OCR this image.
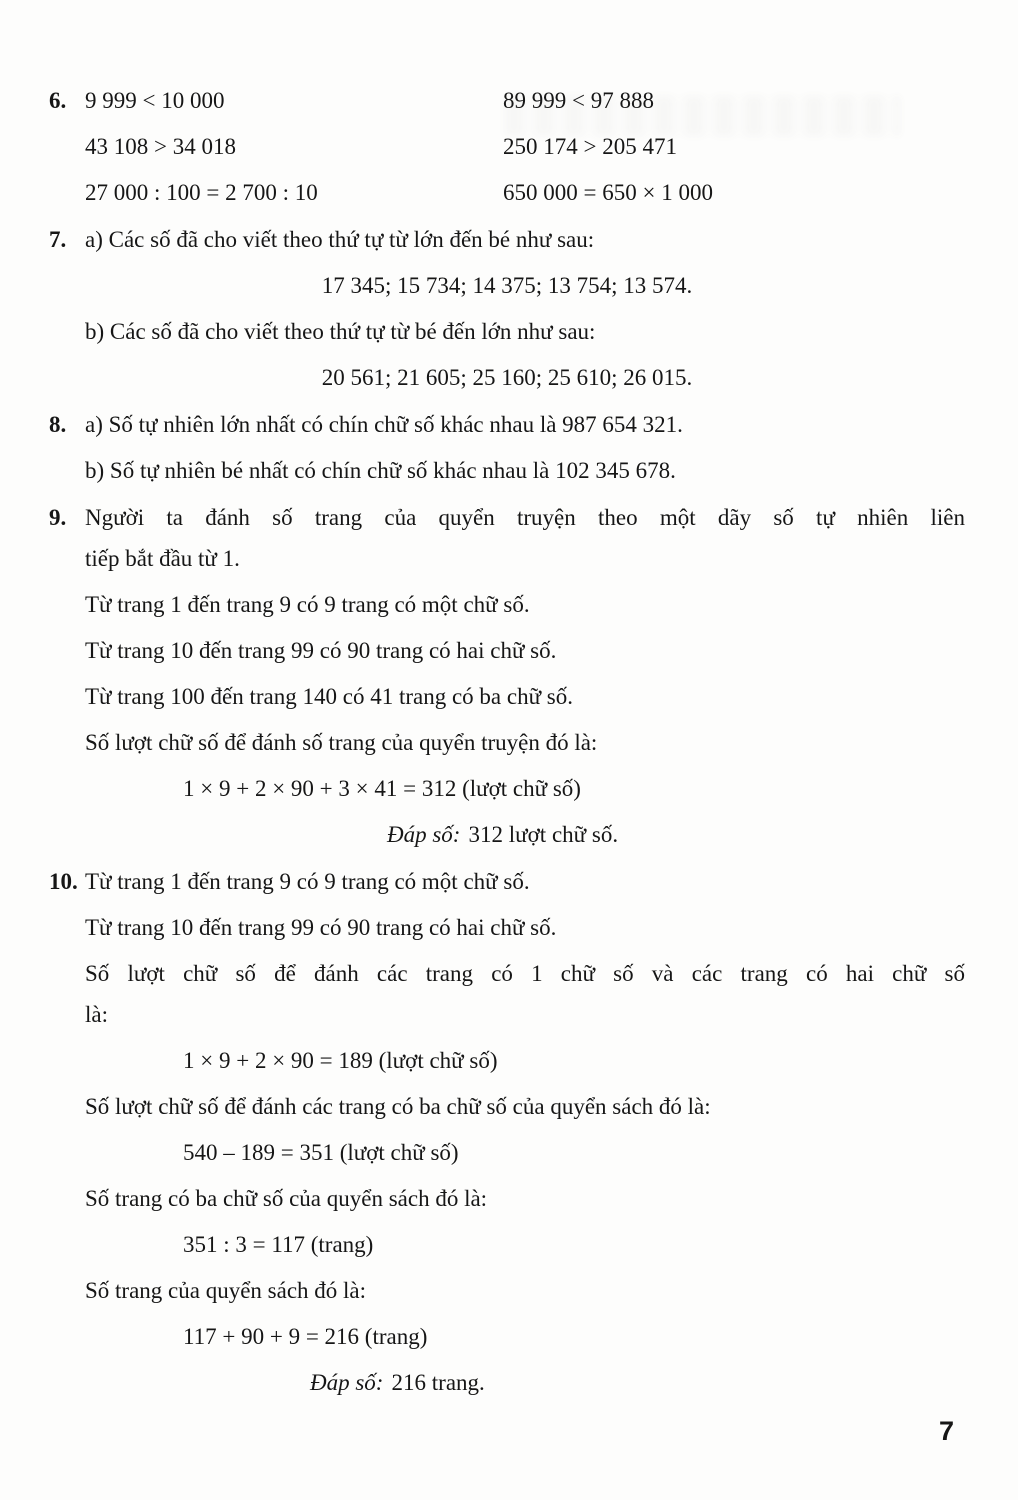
6. 9 999 < 10 000	89 999 < 97 888
43 108 > 34 018	250 174 > 205 471
27 000 : 100 = 2 700 : 10	650 000 = 650 × 1 000
7. a) Các số đã cho viết theo thứ tự từ lớn đến bé như sau:
17 345; 15 734; 14 375; 13 754; 13 574.
b) Các số đã cho viết theo thứ tự từ bé đến lớn như sau:
20 561; 21 605; 25 160; 25 610; 26 015.
8. a) Số tự nhiên lớn nhất có chín chữ số khác nhau là 987 654 321.
b) Số tự nhiên bé nhất có chín chữ số khác nhau là 102 345 678.
9. Người ta đánh số trang của quyển truyện theo một dãy số tự nhiên liên
tiếp bắt đầu từ 1.
Từ trang 1 đến trang 9 có 9 trang có một chữ số.
Từ trang 10 đến trang 99 có 90 trang có hai chữ số.
Từ trang 100 đến trang 140 có 41 trang có ba chữ số.
Số lượt chữ số để đánh số trang của quyển truyện đó là:
1 × 9 + 2 × 90 + 3 × 41 = 312 (lượt chữ số)
Đáp số: 312 lượt chữ số.
10. Từ trang 1 đến trang 9 có 9 trang có một chữ số.
Từ trang 10 đến trang 99 có 90 trang có hai chữ số.
Số lượt chữ số để đánh các trang có 1 chữ số và các trang có hai chữ số
là:
1 × 9 + 2 × 90 = 189 (lượt chữ số)
Số lượt chữ số để đánh các trang có ba chữ số của quyển sách đó là:
540 – 189 = 351 (lượt chữ số)
Số trang có ba chữ số của quyển sách đó là:
351 : 3 = 117 (trang)
Số trang của quyển sách đó là:
117 + 90 + 9 = 216 (trang)
Đáp số: 216 trang.
7
